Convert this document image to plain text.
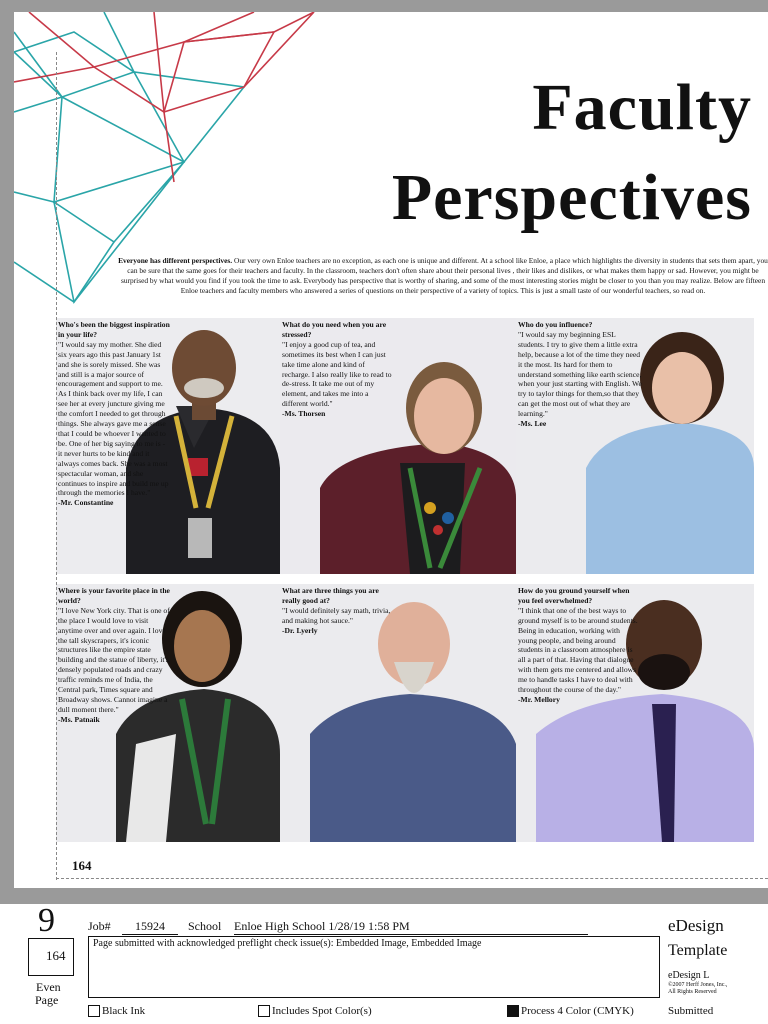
Faculty
Perspectives
Everyone has different perspectives. Our very own Enloe teachers are no exception, as each one is unique and different. At a school like Enloe, a place which highlights the diversity in students that sets them apart, you can be sure that the same goes for their teachers and faculty. In the classroom, teachers don't often share about their personal lives , their likes and dislikes, or what makes them happy or sad. However, you might be surprised by what would you find if you took the time to ask. Everybody has perspective that is worthy of sharing, and some of the most interesting stories might be closer to you than you may realize. Below are fifteen Enloe teachers and faculty members who answered a series of questions on their perspective of a variety of topics. This is just a small taste of our wonderful teachers, so read on.
Who's been the biggest inspiration in your life?
"I would say my mother. She died six years ago this past January 1st and she is sorely missed. She was and still is a major source of encouragement and support to me. As I think back over my life, I can see her at every juncture giving me the comfort I needed to get through things. She always gave me a sense that I could be whoever I wanted to be. One of her big saying to me is - it never hurts to be kind and it always comes back. She was a most spectacular woman, and she continues to inspire and build me up through the memories I have."
-Mr. Constantine
What do you need when you are stressed?
"I enjoy a good cup of tea, and sometimes its best when I can just take time alone and kind of recharge. I also really like to read to de-stress. It take me out of my element, and takes me into a different world."
-Ms. Thorsen
Who do you influence?
"I would say my beginning ESL students. I try to give them a little extra help, because a lot of the time they need it the most. Its hard for them to understand something like earth science, when your just starting with English. We try to taylor things for them,so that they can get the most out of what they are learning."
-Ms. Lee
Where is your favorite place in the world?
"I love New York city. That is one of the place I would love to visit anytime over and over again. I love the tall skyscrapers, it's iconic structures like the empire state building and the statue of liberty, it's densely populated roads and crazy traffic reminds me of India, the Central park, Times square and Broadway shows. Cannot imagine a dull moment there."
-Ms. Patnaik
What are three things you are really good at?
"I would definitely say math, trivia, and making hot sauce."
-Dr. Lyerly
How do you ground yourself when you feel overwhelmed?
"I think that one of the best ways to ground myself is to be around students. Being in education, working with young people, and being around students in a classroom atmosphere is all a part of that. Having that dialogue with them gets me centered and allows me to handle tasks I have to deal with throughout the course of the day."
-Mr. Mellory
164
9
164
Even
Page
Job#	15924	School Enloe High School 1/28/19 1:58 PM
Page submitted with acknowledged preflight check issue(s): Embedded Image, Embedded Image
eDesign
Template
eDesign L
©2007 Herff Jones, Inc.,
All Rights Reserved
Black Ink	Includes Spot Color(s)	Process 4 Color (CMYK)	Submitted
